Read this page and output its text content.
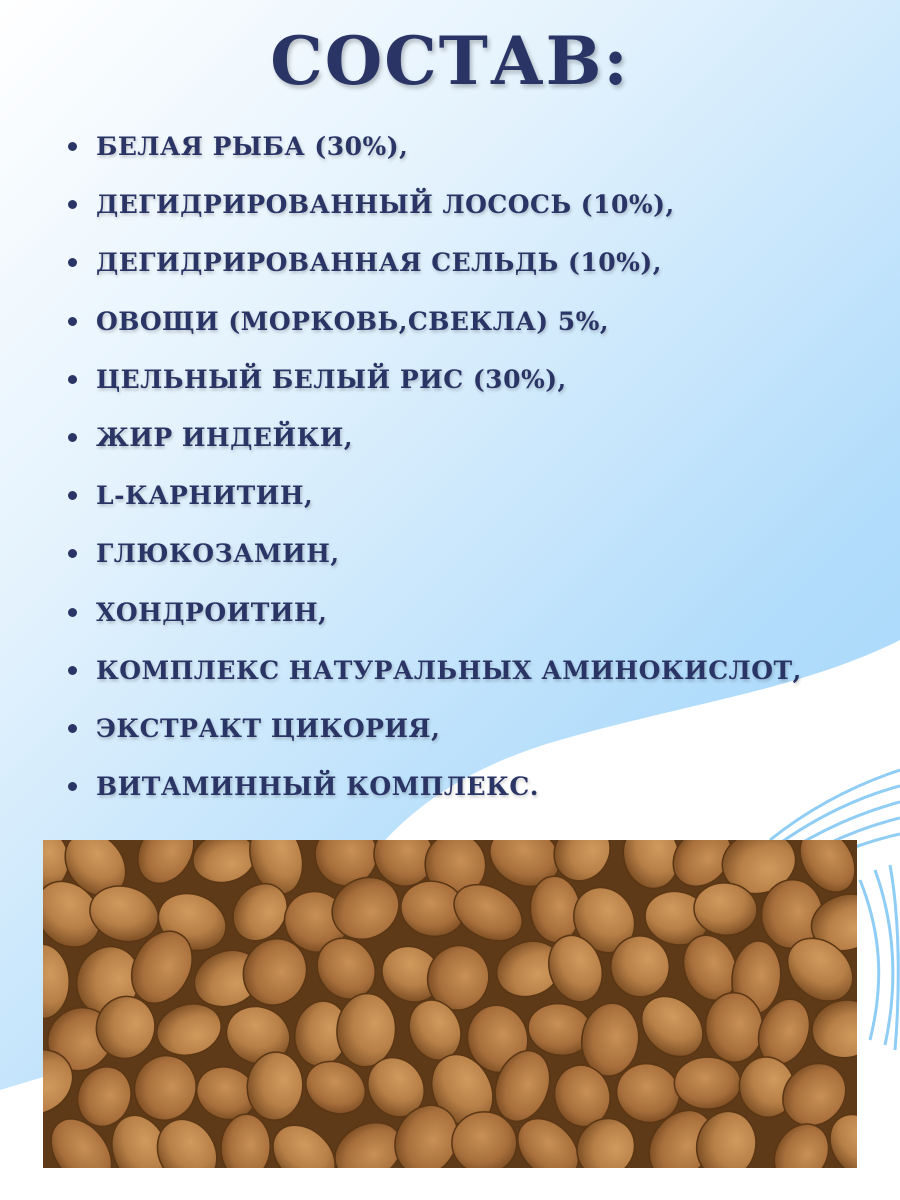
СОСТАВ:
БЕЛАЯ РЫБА (30%),
ДЕГИДРИРОВАННЫЙ ЛОСОСЬ (10%),
ДЕГИДРИРОВАННАЯ СЕЛЬДЬ (10%),
ОВОЩИ (МОРКОВЬ,СВЕКЛА) 5%,
ЦЕЛЬНЫЙ БЕЛЫЙ РИС (30%),
ЖИР ИНДЕЙКИ,
L-КАРНИТИН,
ГЛЮКОЗАМИН,
ХОНДРОИТИН,
КОМПЛЕКС НАТУРАЛЬНЫХ АМИНОКИСЛОТ,
ЭКСТРАКТ ЦИКОРИЯ,
ВИТАМИННЫЙ КОМПЛЕКС.
